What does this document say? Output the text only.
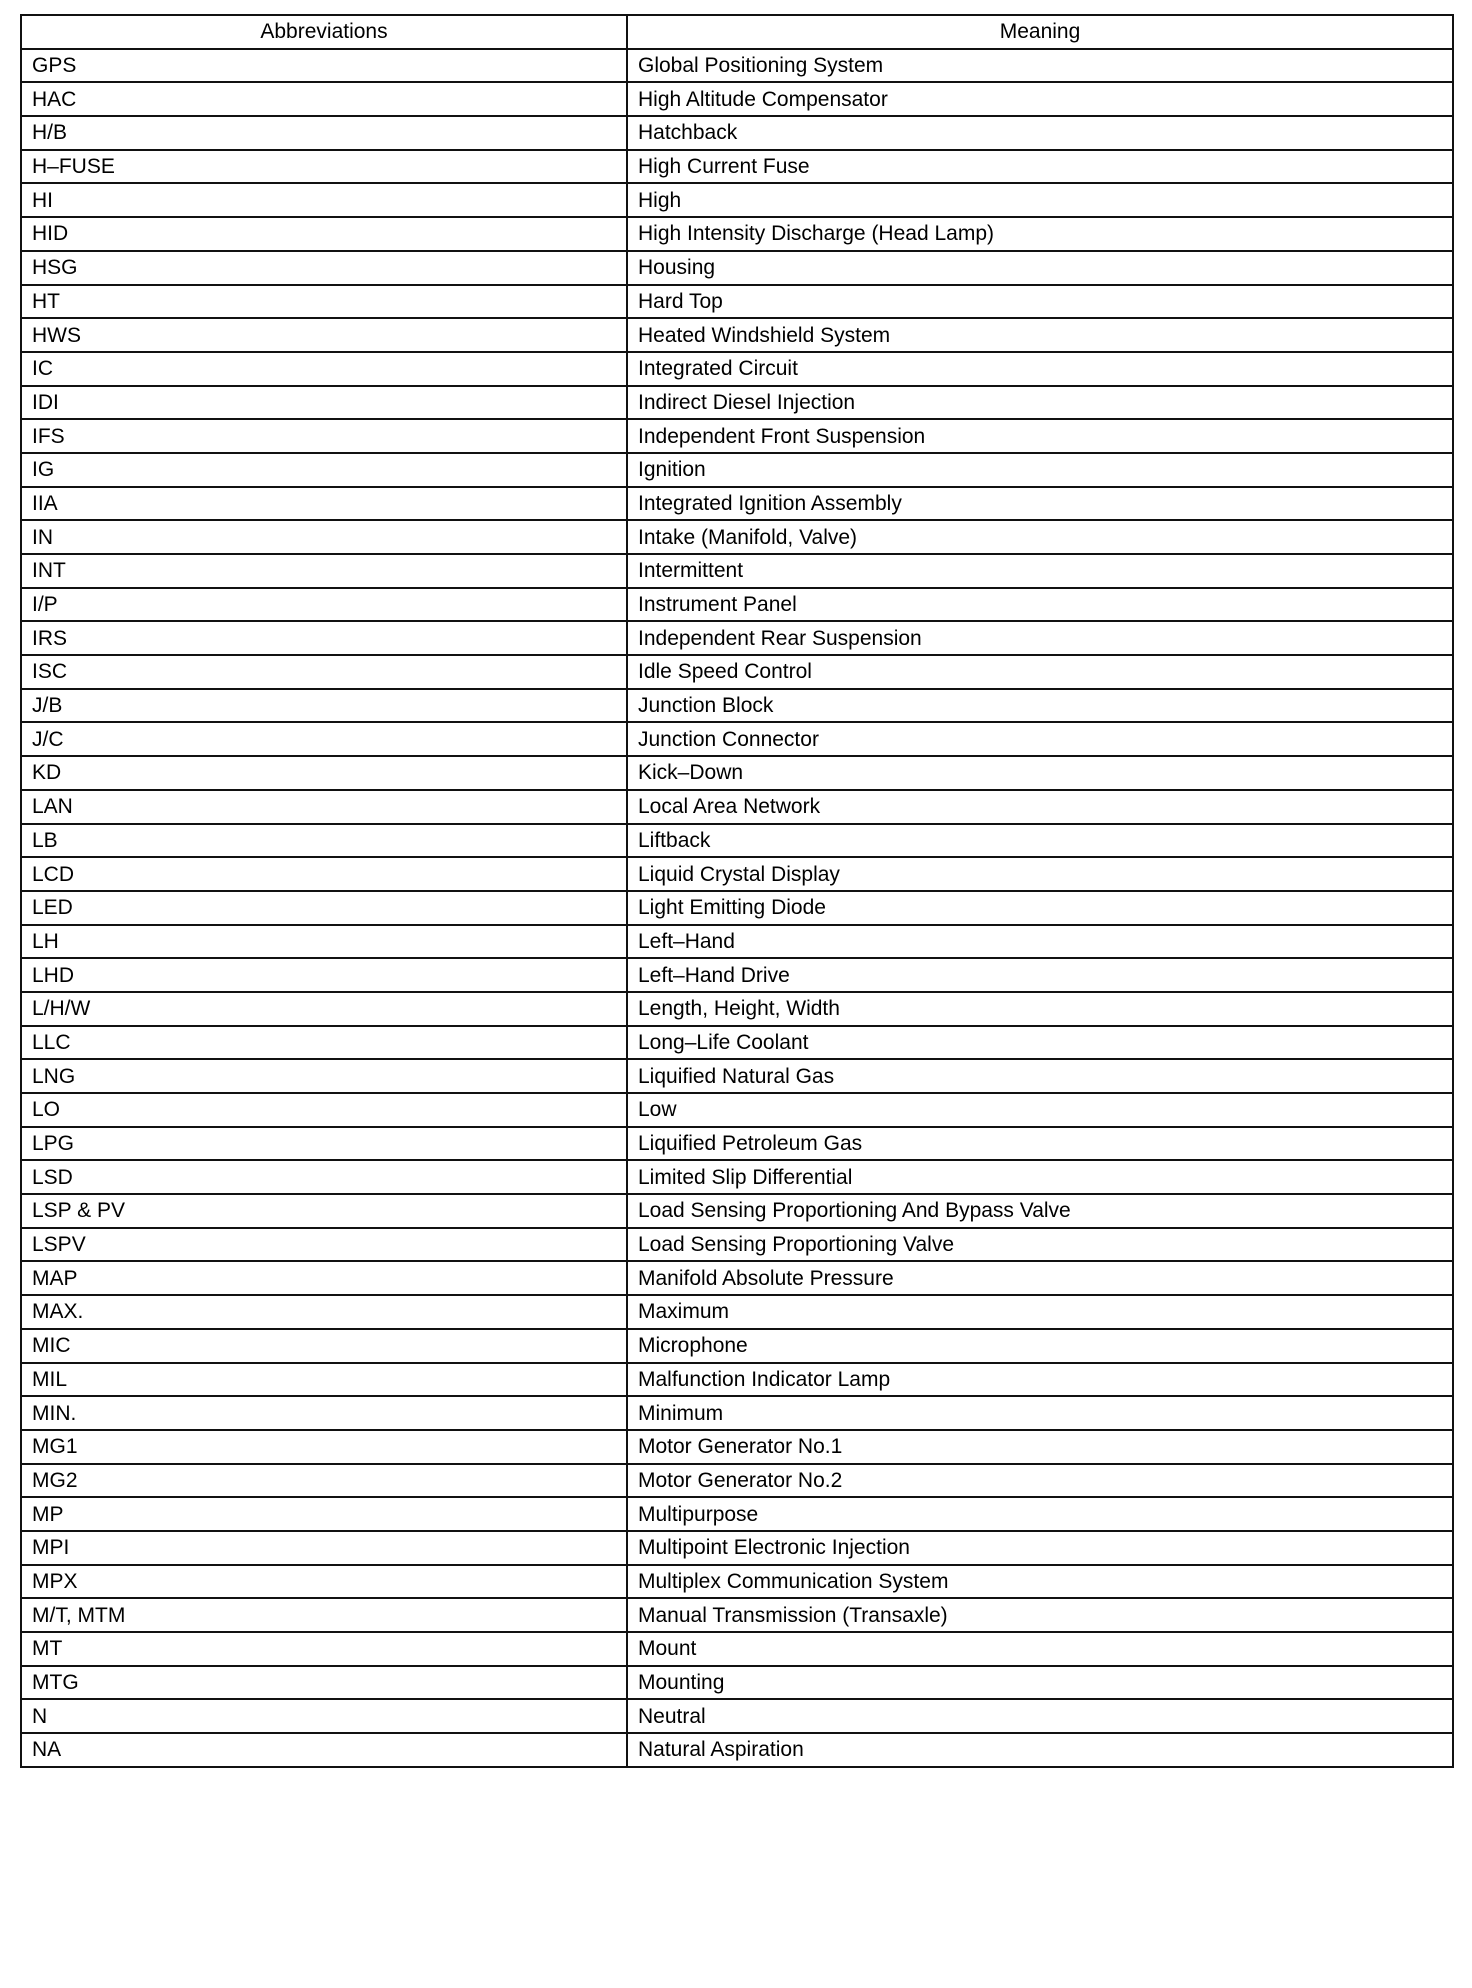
Abbreviations	Meaning
GPS	Global Positioning System
HAC	High Altitude Compensator
H/B	Hatchback
H–FUSE	High Current Fuse
HI	High
HID	High Intensity Discharge (Head Lamp)
HSG	Housing
HT	Hard Top
HWS	Heated Windshield System
IC	Integrated Circuit
IDI	Indirect Diesel Injection
IFS	Independent Front Suspension
IG	Ignition
IIA	Integrated Ignition Assembly
IN	Intake (Manifold, Valve)
INT	Intermittent
I/P	Instrument Panel
IRS	Independent Rear Suspension
ISC	Idle Speed Control
J/B	Junction Block
J/C	Junction Connector
KD	Kick–Down
LAN	Local Area Network
LB	Liftback
LCD	Liquid Crystal Display
LED	Light Emitting Diode
LH	Left–Hand
LHD	Left–Hand Drive
L/H/W	Length, Height, Width
LLC	Long–Life Coolant
LNG	Liquified Natural Gas
LO	Low
LPG	Liquified Petroleum Gas
LSD	Limited Slip Differential
LSP & PV	Load Sensing Proportioning And Bypass Valve
LSPV	Load Sensing Proportioning Valve
MAP	Manifold Absolute Pressure
MAX.	Maximum
MIC	Microphone
MIL	Malfunction Indicator Lamp
MIN.	Minimum
MG1	Motor Generator No.1
MG2	Motor Generator No.2
MP	Multipurpose
MPI	Multipoint Electronic Injection
MPX	Multiplex Communication System
M/T, MTM	Manual Transmission (Transaxle)
MT	Mount
MTG	Mounting
N	Neutral
NA	Natural Aspiration
